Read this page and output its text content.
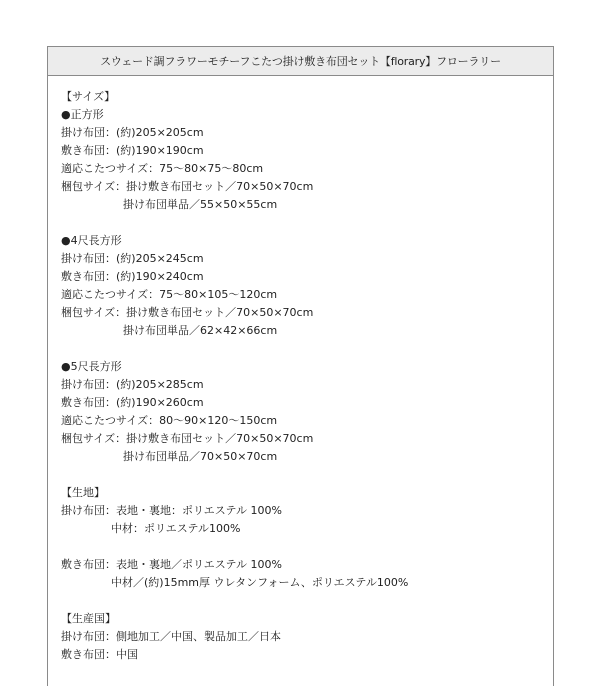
スウェード調フラワーモチーフこたつ掛け敷き布団セット【florary】フローラリー
【サイズ】
●正方形
掛け布団：(約)205×205cm
敷き布団：(約)190×190cm
適応こたつサイズ：75～80×75～80cm
梱包サイズ：掛け敷き布団セット／70×50×70cm
掛け布団単品／55×50×55cm
●4尺長方形
掛け布団：(約)205×245cm
敷き布団：(約)190×240cm
適応こたつサイズ：75～80×105～120cm
梱包サイズ：掛け敷き布団セット／70×50×70cm
掛け布団単品／62×42×66cm
●5尺長方形
掛け布団：(約)205×285cm
敷き布団：(約)190×260cm
適応こたつサイズ：80～90×120～150cm
梱包サイズ：掛け敷き布団セット／70×50×70cm
掛け布団単品／70×50×70cm
【生地】
掛け布団：表地・裏地：ポリエステル 100%
中材：ポリエステル100%
敷き布団：表地・裏地／ポリエステル 100%
中材／(約)15mm厚 ウレタンフォーム、ポリエステル100%
【生産国】
掛け布団：側地加工／中国、製品加工／日本
敷き布団：中国
